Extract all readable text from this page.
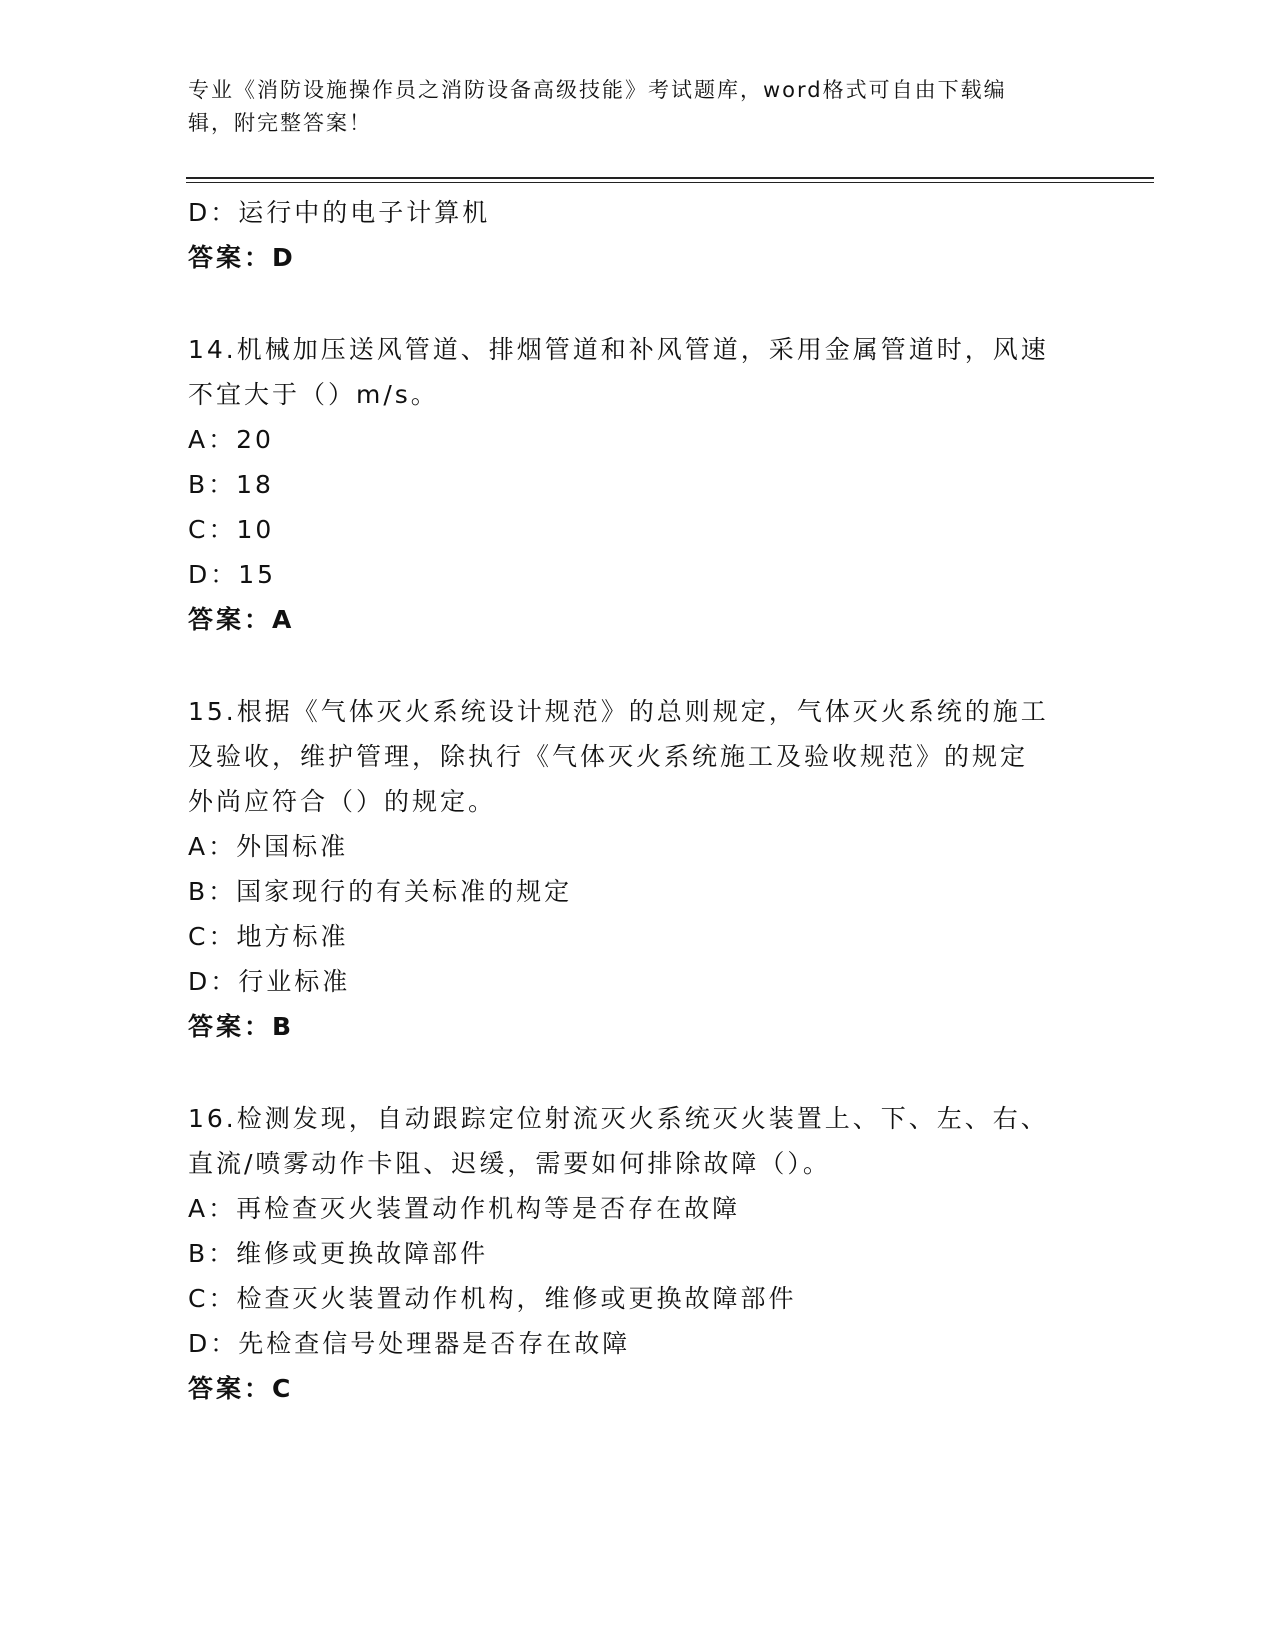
专业《消防设施操作员之消防设备高级技能》考试题库，word格式可自由下载编
辑，附完整答案！
D：运行中的电子计算机
答案：D
14.机械加压送风管道、排烟管道和补风管道，采用金属管道时，风速
不宜大于（）m/s。
A：20
B：18
C：10
D：15
答案：A
15.根据《气体灭火系统设计规范》的总则规定，气体灭火系统的施工
及验收，维护管理，除执行《气体灭火系统施工及验收规范》的规定
外尚应符合（）的规定。
A：外国标准
B：国家现行的有关标准的规定
C：地方标准
D：行业标准
答案：B
16.检测发现，自动跟踪定位射流灭火系统灭火装置上、下、左、右、
直流/喷雾动作卡阻、迟缓，需要如何排除故障（）。
A：再检查灭火装置动作机构等是否存在故障
B：维修或更换故障部件
C：检查灭火装置动作机构，维修或更换故障部件
D：先检查信号处理器是否存在故障
答案：C
